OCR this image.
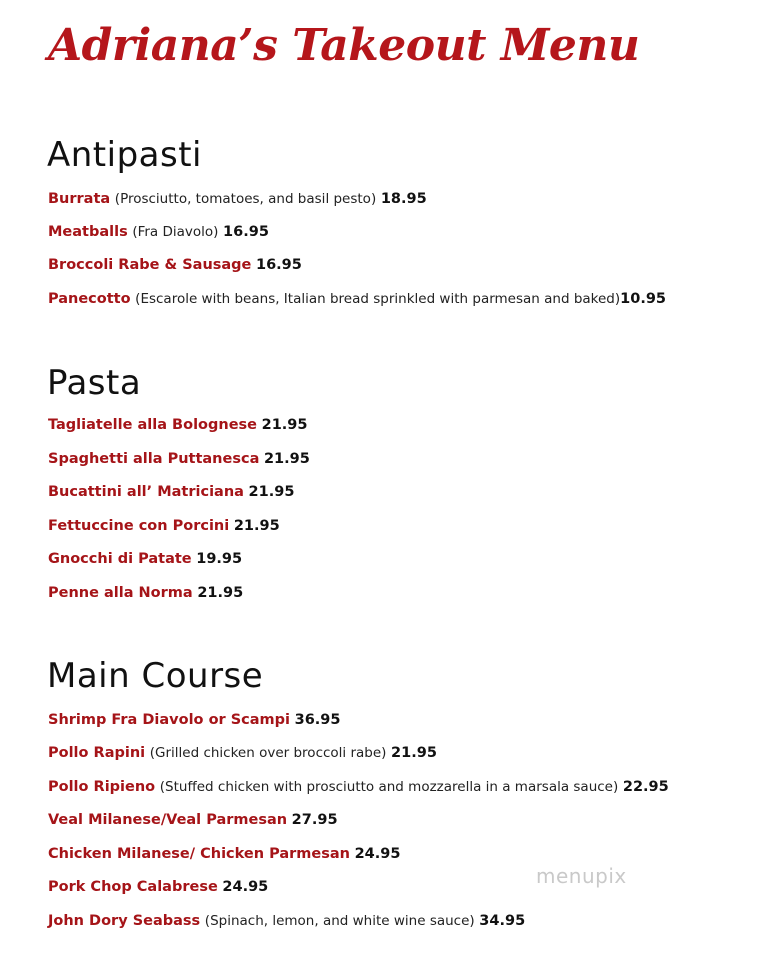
Adriana’s Takeout Menu
Antipasti
Burrata (Prosciutto, tomatoes, and basil pesto) 18.95
Meatballs (Fra Diavolo) 16.95
Broccoli Rabe & Sausage 16.95
Panecotto (Escarole with beans, Italian bread sprinkled with parmesan and baked)10.95
Pasta
Tagliatelle alla Bolognese 21.95
Spaghetti alla Puttanesca 21.95
Bucattini all’ Matriciana 21.95
Fettuccine con Porcini 21.95
Gnocchi di Patate 19.95
Penne alla Norma 21.95
Main Course
Shrimp Fra Diavolo or Scampi 36.95
Pollo Rapini (Grilled chicken over broccoli rabe) 21.95
Pollo Ripieno (Stuffed chicken with prosciutto and mozzarella in a marsala sauce) 22.95
Veal Milanese/Veal Parmesan 27.95
Chicken Milanese/ Chicken Parmesan 24.95
Pork Chop Calabrese 24.95
John Dory Seabass (Spinach, lemon, and white wine sauce) 34.95
menupix
